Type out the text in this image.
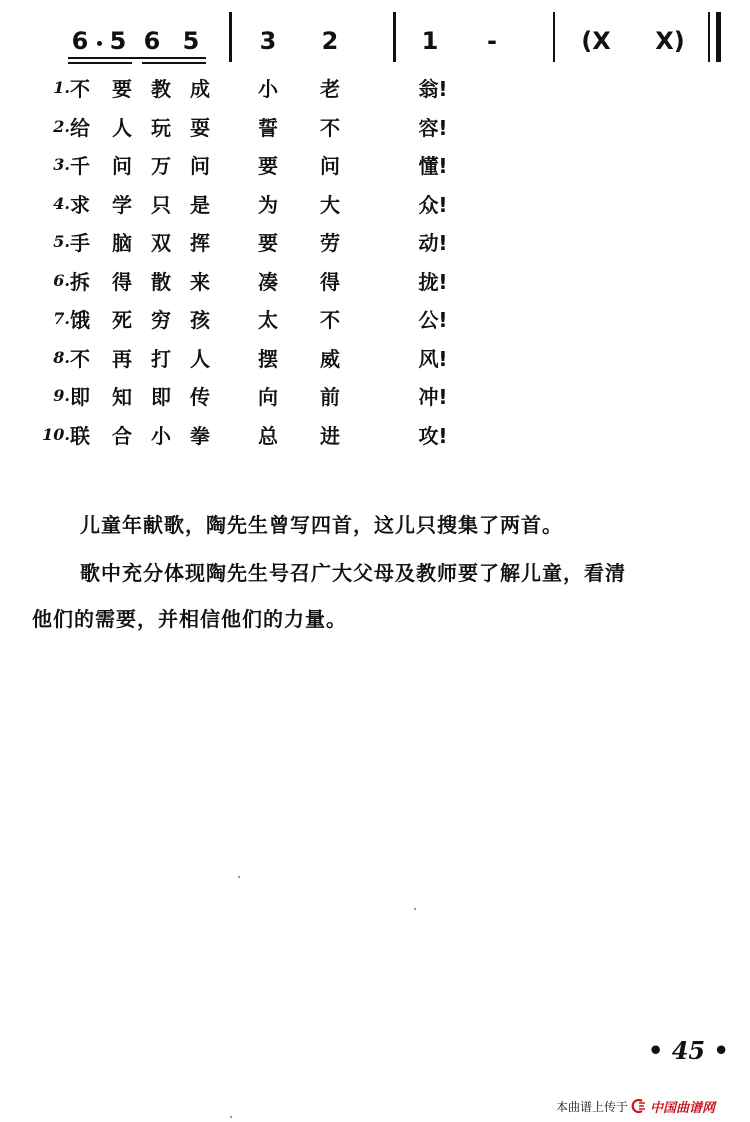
6 5 6 5	3 2	1 -	(X X)
1. 不 要 教 成 小 老	翁!
2. 给 人 玩 耍 誓 不	容!
3. 千 问 万 问 要 问	懂!
4. 求 学 只 是 为 大	众!
5. 手 脑 双 挥 要 劳	动!
6. 拆 得 散 来 凑 得	拢!
7. 饿 死 穷 孩 太 不	公!
8. 不 再 打 人 摆 威	风!
9. 即 知 即 传 向 前	冲!
10. 联 合 小 拳 总 进	攻!

儿童年献歌，陶先生曾写四首，这儿只搜集了两首。

歌中充分体现陶先生号召广大父母及教师要了解儿童，看清

他们的需要，并相信他们的力量。

• 45 •
本曲谱上传于 中国曲谱网
